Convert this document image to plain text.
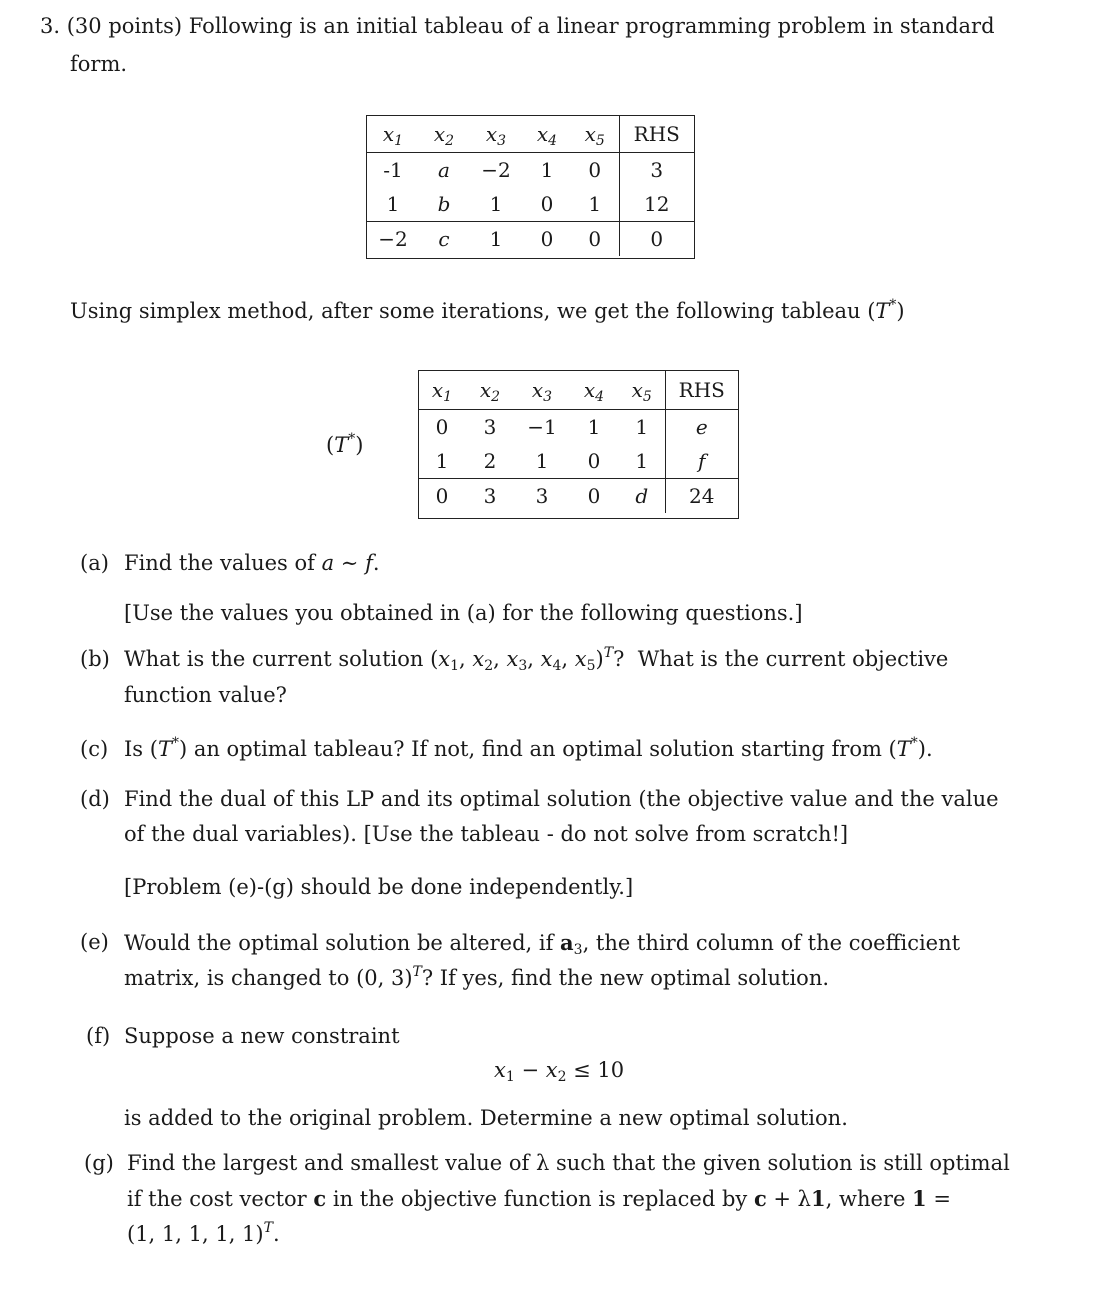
3. (30 points) Following is an initial tableau of a linear programming problem in standard
form.
$x_1$	$x_2$	$x_3$	$x_4$	$x_5$	RHS
-1	a	−2	1	0	3
1	b	1	0	1	12
−2	c	1	0	0	0
Using simplex method, after some iterations, we get the following tableau (T*)
(T*)
$x_1$	$x_2$	$x_3$	$x_4$	$x_5$	RHS
0	3	−1	1	1	e
1	2	1	0	1	f
0	3	3	0	d	24
(a) Find the values of a ∼ f.
[Use the values you obtained in (a) for the following questions.]
(b) What is the current solution ($x_1$, $x_2$, $x_3$, $x_4$, $x_5)^T$?  What is the current objective
function value?
(c) Is (T*) an optimal tableau? If not, find an optimal solution starting from (T*).
(d) Find the dual of this LP and its optimal solution (the objective value and the value
of the dual variables). [Use the tableau - do not solve from scratch!]
[Problem (e)-(g) should be done independently.]
(e) Would the optimal solution be altered, if $a_3$, the third column of the coefficient
matrix, is changed to (0, 3)$^T$? If yes, find the new optimal solution.
(f) Suppose a new constraint
$x_1 - x_2 \le 10$
is added to the original problem. Determine a new optimal solution.
(g) Find the largest and smallest value of λ such that the given solution is still optimal
if the cost vector c in the objective function is replaced by c + λ1, where 1 =
(1, 1, 1, 1, 1)$^T$.
